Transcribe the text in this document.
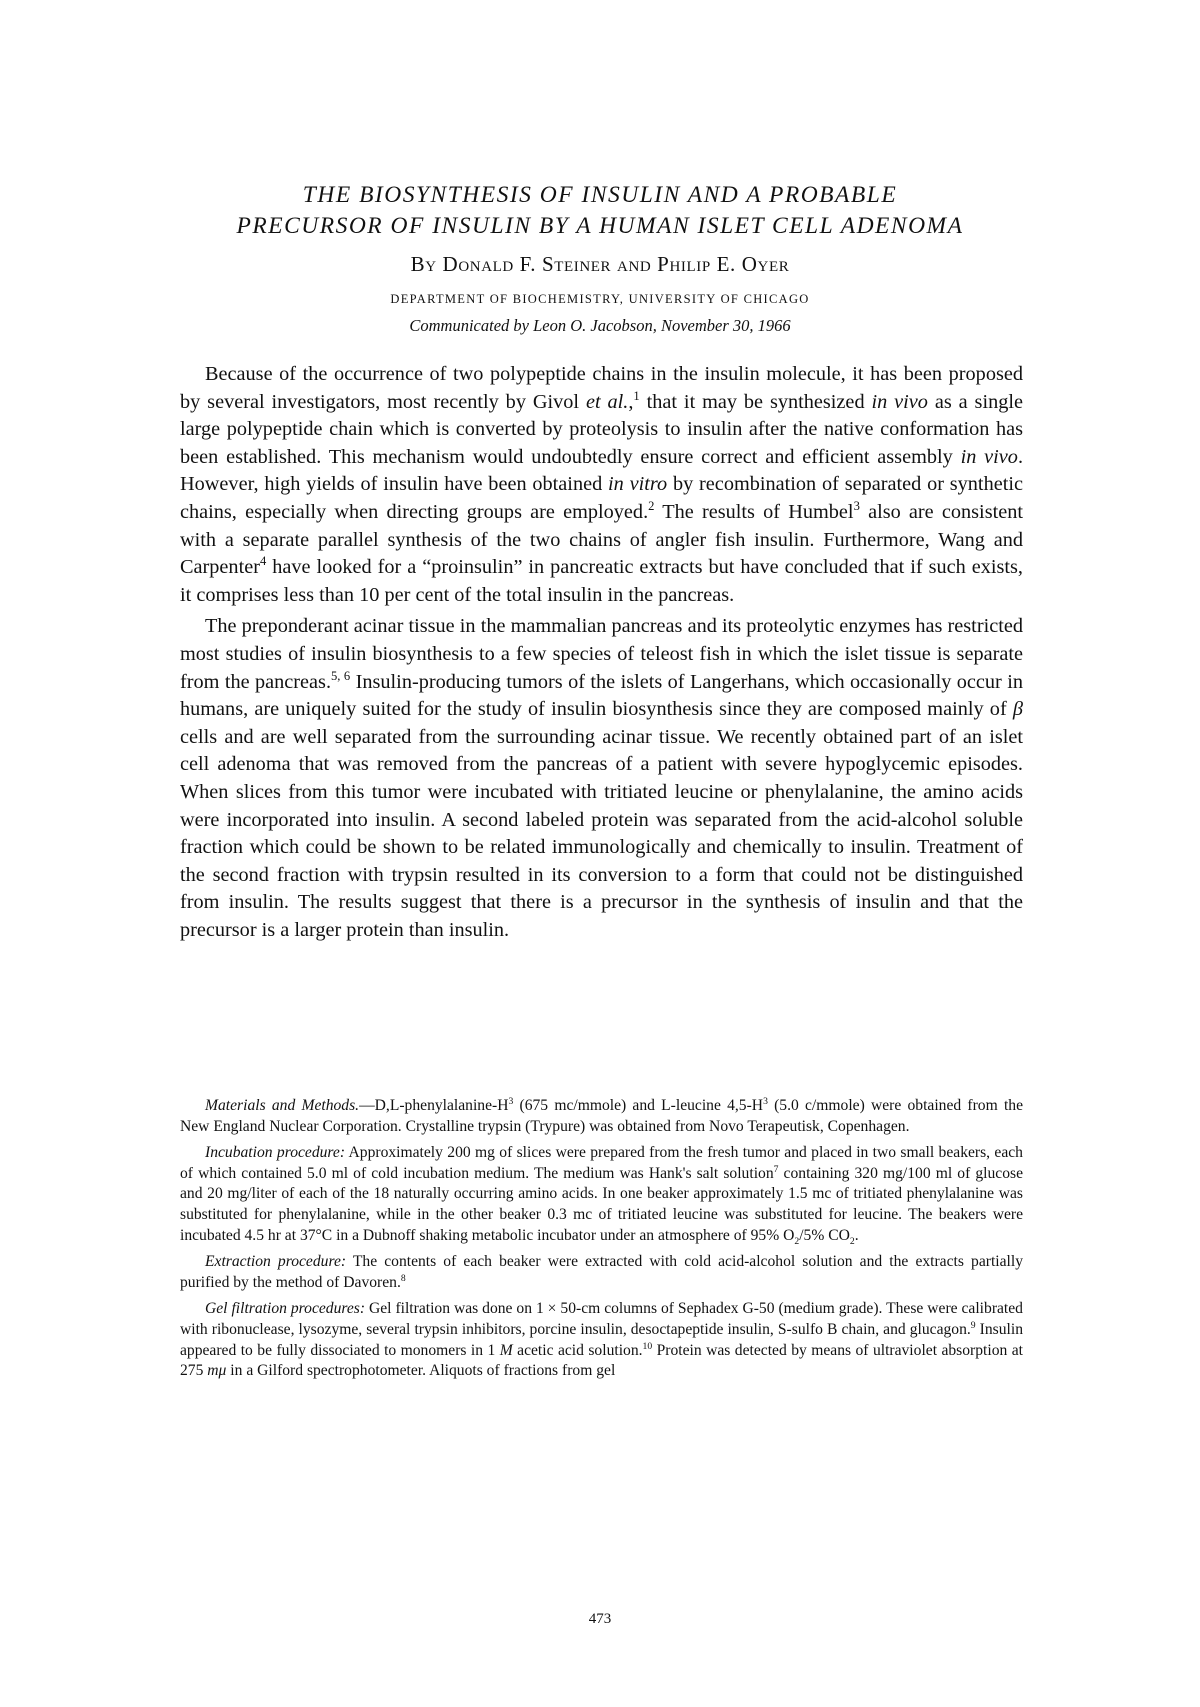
THE BIOSYNTHESIS OF INSULIN AND A PROBABLE
PRECURSOR OF INSULIN BY A HUMAN ISLET CELL ADENOMA
By Donald F. Steiner and Philip E. Oyer
DEPARTMENT OF BIOCHEMISTRY, UNIVERSITY OF CHICAGO
Communicated by Leon O. Jacobson, November 30, 1966

Because of the occurrence of two polypeptide chains in the insulin molecule, it has been proposed by several investigators, most recently by Givol et al.,$^1$ that it may be synthesized in vivo as a single large polypeptide chain which is converted by proteolysis to insulin after the native conformation has been established. This mechanism would undoubtedly ensure correct and efficient assembly in vivo. However, high yields of insulin have been obtained in vitro by recombination of separated or synthetic chains, especially when directing groups are employed.$^2$ The results of Humbel$^3$ also are consistent with a separate parallel synthesis of the two chains of angler fish insulin. Furthermore, Wang and Carpenter$^4$ have looked for a “proinsulin” in pancreatic extracts but have concluded that if such exists, it comprises less than 10 per cent of the total insulin in the pancreas.

The preponderant acinar tissue in the mammalian pancreas and its proteolytic enzymes has restricted most studies of insulin biosynthesis to a few species of teleost fish in which the islet tissue is separate from the pancreas.$^{5, 6}$ Insulin-producing tumors of the islets of Langerhans, which occasionally occur in humans, are uniquely suited for the study of insulin biosynthesis since they are composed mainly of β cells and are well separated from the surrounding acinar tissue. We recently obtained part of an islet cell adenoma that was removed from the pancreas of a patient with severe hypoglycemic episodes. When slices from this tumor were incubated with tritiated leucine or phenylalanine, the amino acids were incorporated into insulin. A second labeled protein was separated from the acid-alcohol soluble fraction which could be shown to be related immunologically and chemically to insulin. Treatment of the second fraction with trypsin resulted in its conversion to a form that could not be distinguished from insulin. The results suggest that there is a precursor in the synthesis of insulin and that the precursor is a larger protein than insulin.

Materials and $Methods.—D,L-phenylalanine-H^3$ (675 mc/mmole) and L-leucine $4,5-H^3$ (5.0 c/mmole) were obtained from the New England Nuclear Corporation. Crystalline trypsin (Trypure) was obtained from Novo Terapeutisk, Copenhagen.

Incubation procedure: Approximately 200 mg of slices were prepared from the fresh tumor and placed in two small beakers, each of which contained 5.0 ml of cold incubation medium. The medium was Hank's salt solution$^7$ containing 320 mg/100 ml of glucose and 20 mg/liter of each of the 18 naturally occurring amino acids. In one beaker approximately 1.5 mc of tritiated phenylalanine was substituted for phenylalanine, while in the other beaker 0.3 mc of tritiated leucine was substituted for leucine. The beakers were incubated 4.5 hr at 37°C in a Dubnoff shaking metabolic incubator under an atmosphere of 95% $O_2/5\%$ $CO_2$.

Extraction procedure: The contents of each beaker were extracted with cold acid-alcohol solution and the extracts partially purified by the method of Davoren.$^8$

Gel filtration procedures: Gel filtration was done on 1 × 50-cm columns of Sephadex G-50 (medium grade). These were calibrated with ribonuclease, lysozyme, several trypsin inhibitors, porcine insulin, desoctapeptide insulin, S-sulfo B chain, and glucagon.$^9$ Insulin appeared to be fully dissociated to monomers in 1 M acetic acid solution.$^{10}$ Protein was detected by means of ultraviolet absorption at 275 mμ in a Gilford spectrophotometer. Aliquots of fractions from gel

473
